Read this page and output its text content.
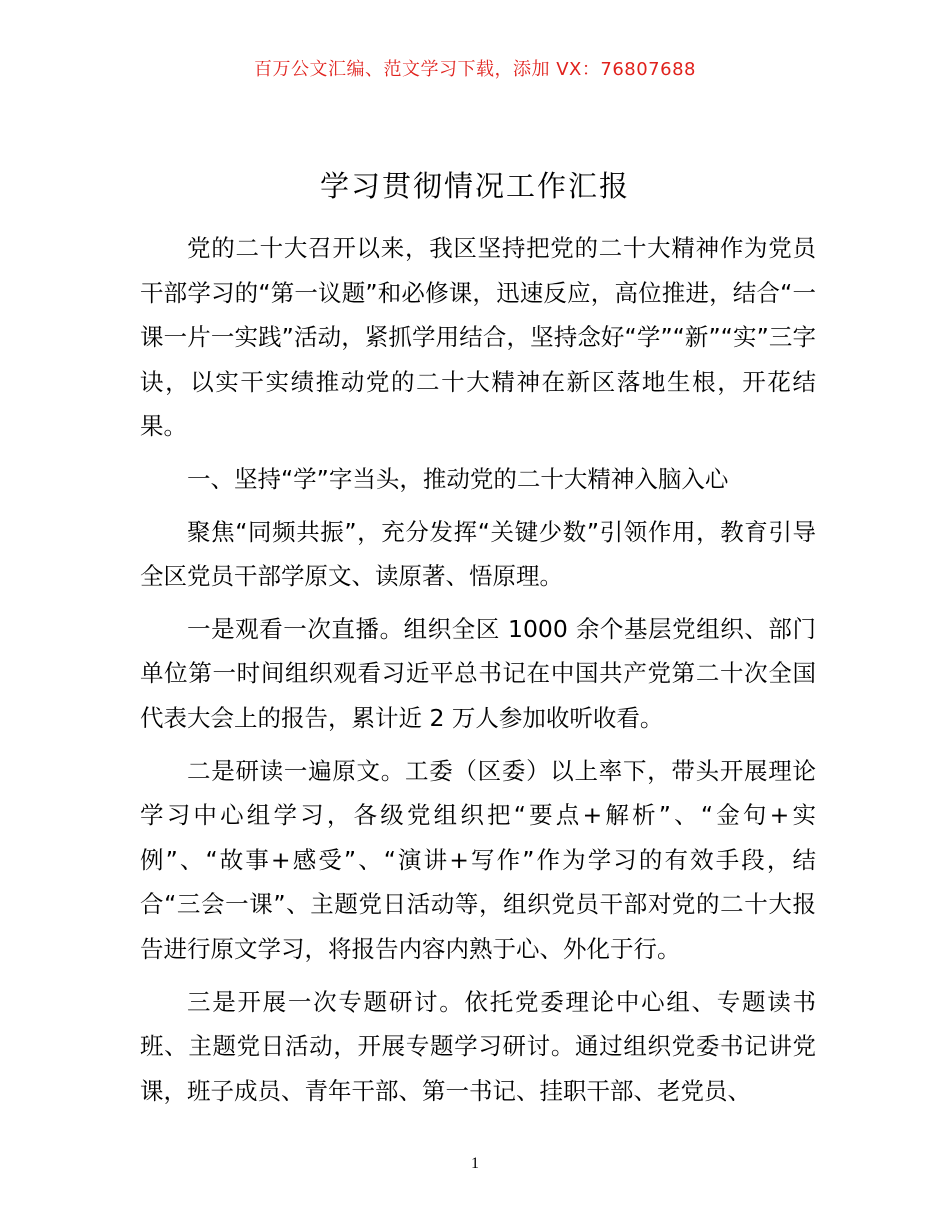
百万公文汇编、范文学习下载，添加 VX：76807688
学习贯彻情况工作汇报

党的二十大召开以来，我区坚持把党的二十大精神作为党员干部学习的“第一议题”和必修课，迅速反应，高位推进，结合“一课一片一实践”活动，紧抓学用结合，坚持念好“学”“新”“实”三字诀，以实干实绩推动党的二十大精神在新区落地生根，开花结果。

一、坚持“学”字当头，推动党的二十大精神入脑入心

聚焦“同频共振”，充分发挥“关键少数”引领作用，教育引导全区党员干部学原文、读原著、悟原理。

一是观看一次直播。组织全区 1000 余个基层党组织、部门单位第一时间组织观看习近平总书记在中国共产党第二十次全国代表大会上的报告，累计近 2 万人参加收听收看。

二是研读一遍原文。工委（区委）以上率下，带头开展理论学习中心组学习，各级党组织把“要点+解析”、“金句+实例”、“故事+感受”、“演讲+写作”作为学习的有效手段，结合“三会一课”、主题党日活动等，组织党员干部对党的二十大报告进行原文学习，将报告内容内熟于心、外化于行。

三是开展一次专题研讨。依托党委理论中心组、专题读书班、主题党日活动，开展专题学习研讨。通过组织党委书记讲党课，班子成员、青年干部、第一书记、挂职干部、老党员、

1
